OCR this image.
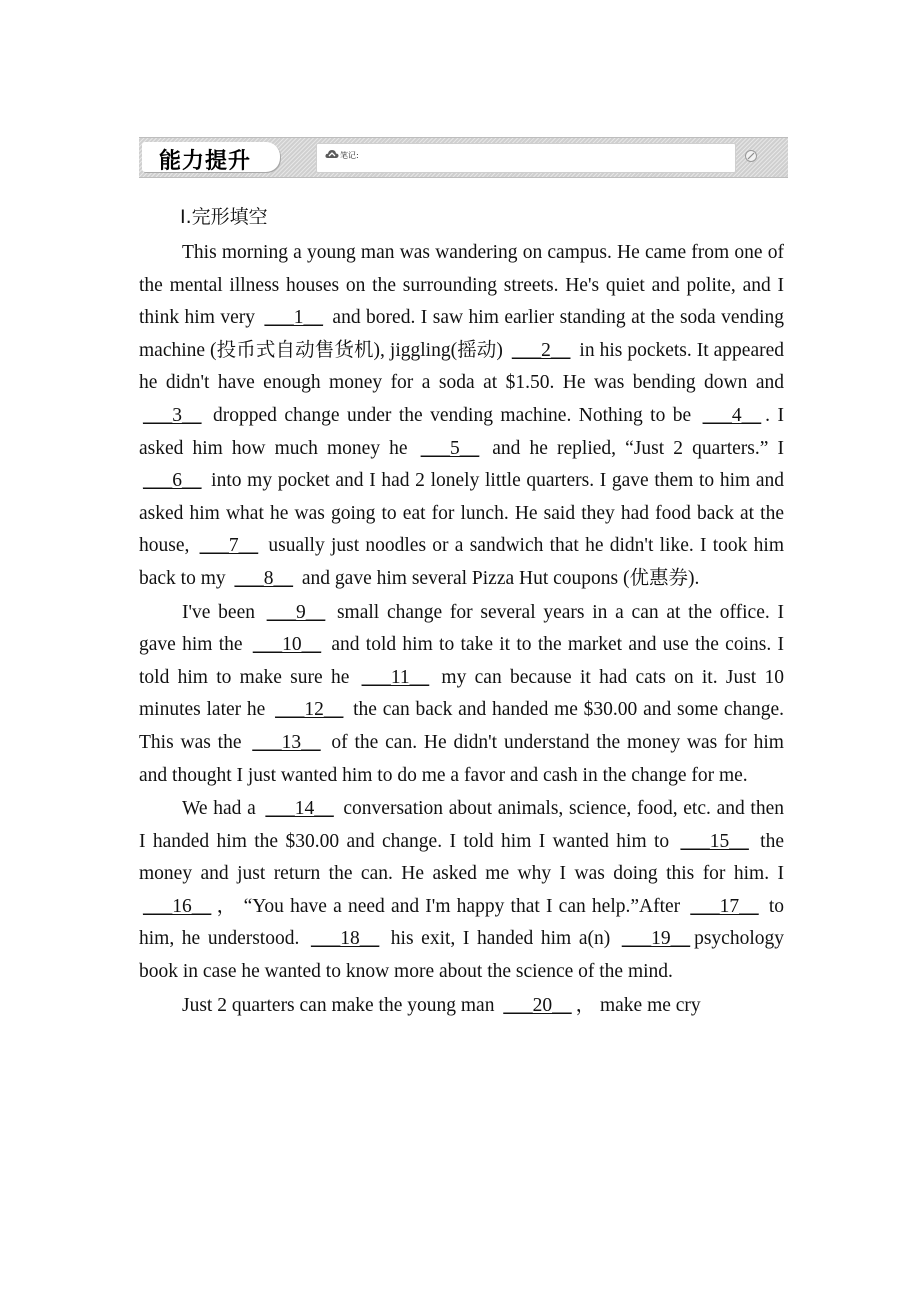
能力提升	笔记:
Ⅰ.完形填空

This morning a young man was wandering on campus. He came from one of the mental illness houses on the surrounding streets. He's quiet and polite, and I think him very ___1__ and bored. I saw him earlier standing at the soda vending machine (投币式自动售货机), jiggling(摇动) ___2__ in his pockets. It appeared he didn't have enough money for a soda at $1.50. He was bending down and ___3__ dropped change under the vending machine. Nothing to be ___4__ . I asked him how much money he ___5__ and he replied, “Just 2 quarters.” I ___6__ into my pocket and I had 2 lonely little quarters. I gave them to him and asked him what he was going to eat for lunch. He said they had food back at the house, ___7__ usually just noodles or a sandwich that he didn't like. I took him back to my ___8__ and gave him several Pizza Hut coupons (优惠券).

I've been ___9__ small change for several years in a can at the office. I gave him the ___10__ and told him to take it to the market and use the coins. I told him to make sure he ___11__ my can because it had cats on it. Just 10 minutes later he ___12__ the can back and handed me $30.00 and some change. This was the ___13__ of the can. He didn't understand the money was for him and thought I just wanted him to do me a favor and cash in the change for me.

We had a ___14__ conversation about animals, science, food, etc. and then I handed him the $30.00 and change. I told him I wanted him to ___15__ the money and just return the can. He asked me why I was doing this for him. I ___16__ ， “You have a need and I'm happy that I can help.”After ___17__ to him, he understood. ___18__ his exit, I handed him a(n) ___19__ psychology book in case he wanted to know more about the science of the mind.

Just 2 quarters can make the young man ___20__ ， make me cry
